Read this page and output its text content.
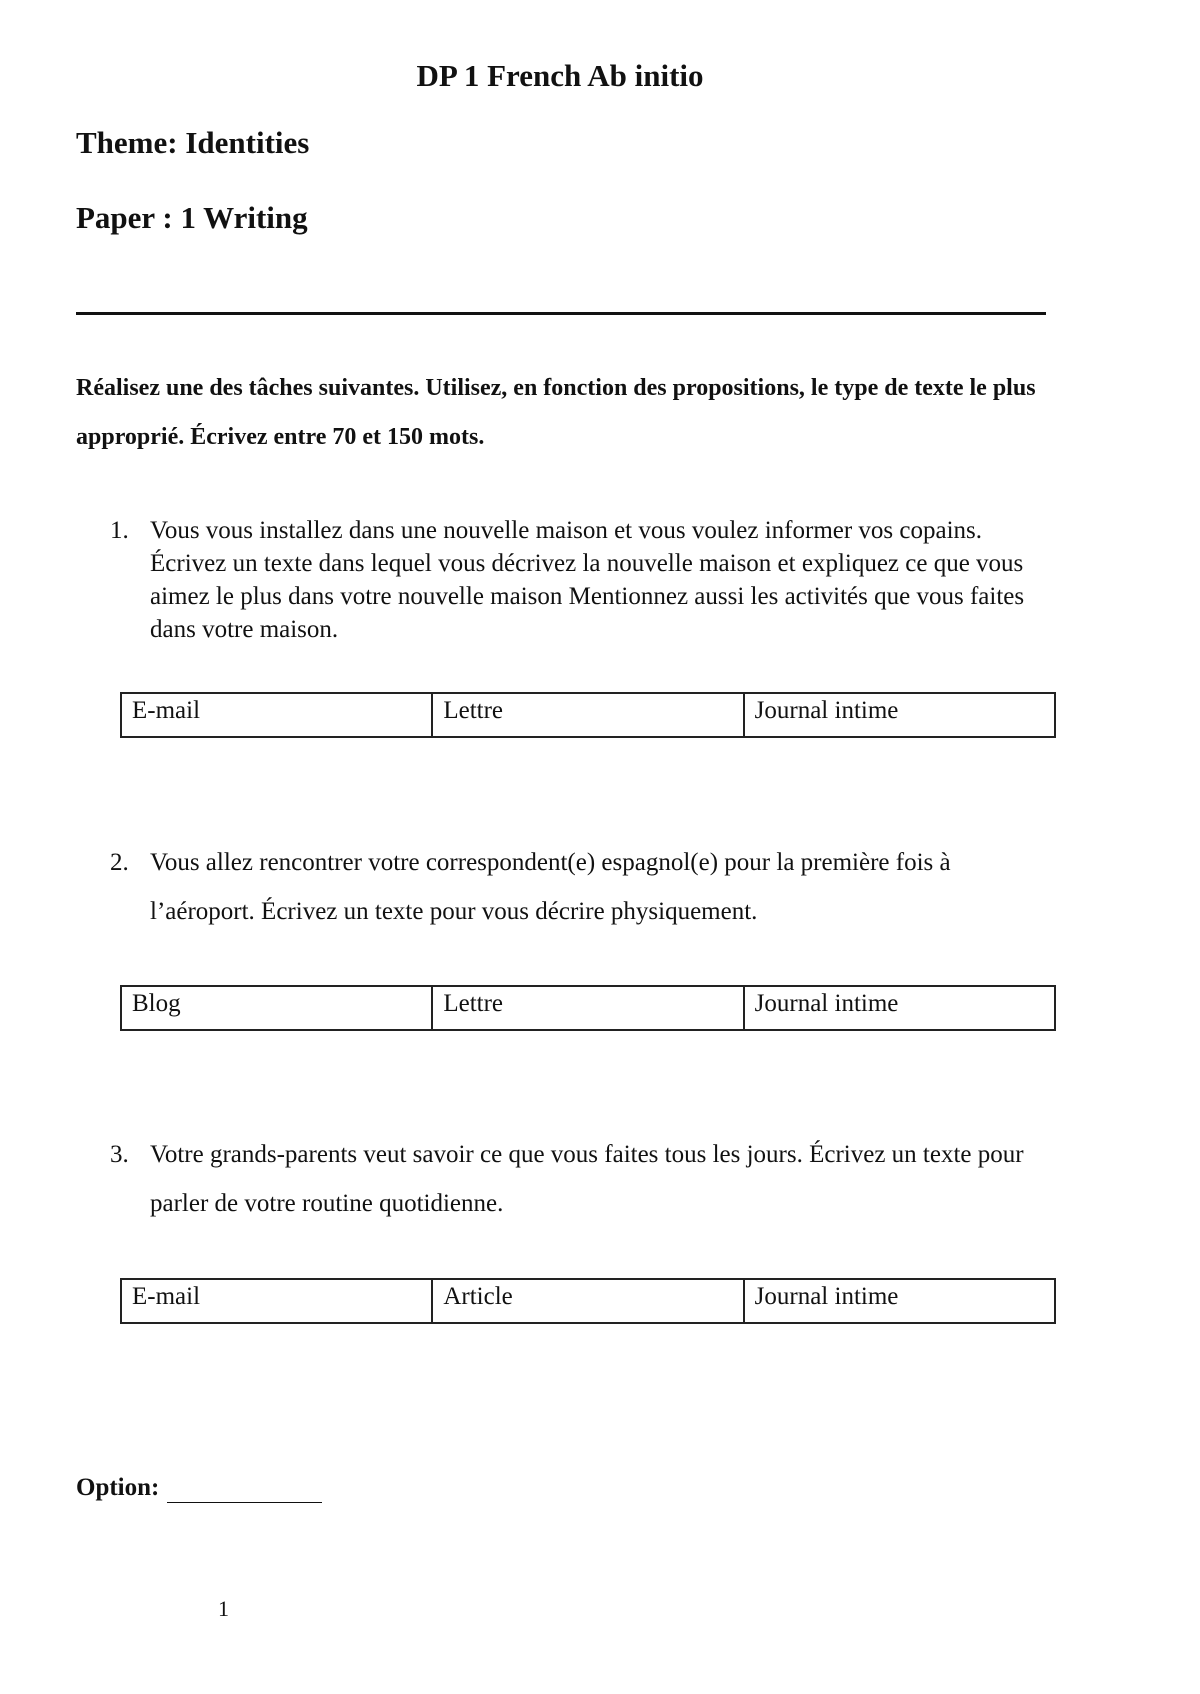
DP 1 French Ab initio
Theme: Identities
Paper : 1 Writing
Réalisez une des tâches suivantes. Utilisez, en fonction des propositions, le type de texte le plus approprié. Écrivez entre 70 et 150 mots.
1. Vous vous installez dans une nouvelle maison et vous voulez informer vos copains. Écrivez un texte dans lequel vous décrivez la nouvelle maison et expliquez ce que vous aimez le plus dans votre nouvelle maison Mentionnez aussi les activités que vous faites dans votre maison.
E-mail	Lettre	Journal intime
2. Vous allez rencontrer votre correspondent(e) espagnol(e) pour la première fois à l’aéroport. Écrivez un texte pour vous décrire physiquement.
Blog	Lettre	Journal intime
3. Votre grands-parents veut savoir ce que vous faites tous les jours. Écrivez un texte pour parler de votre routine quotidienne.
E-mail	Article	Journal intime
Option:
1
